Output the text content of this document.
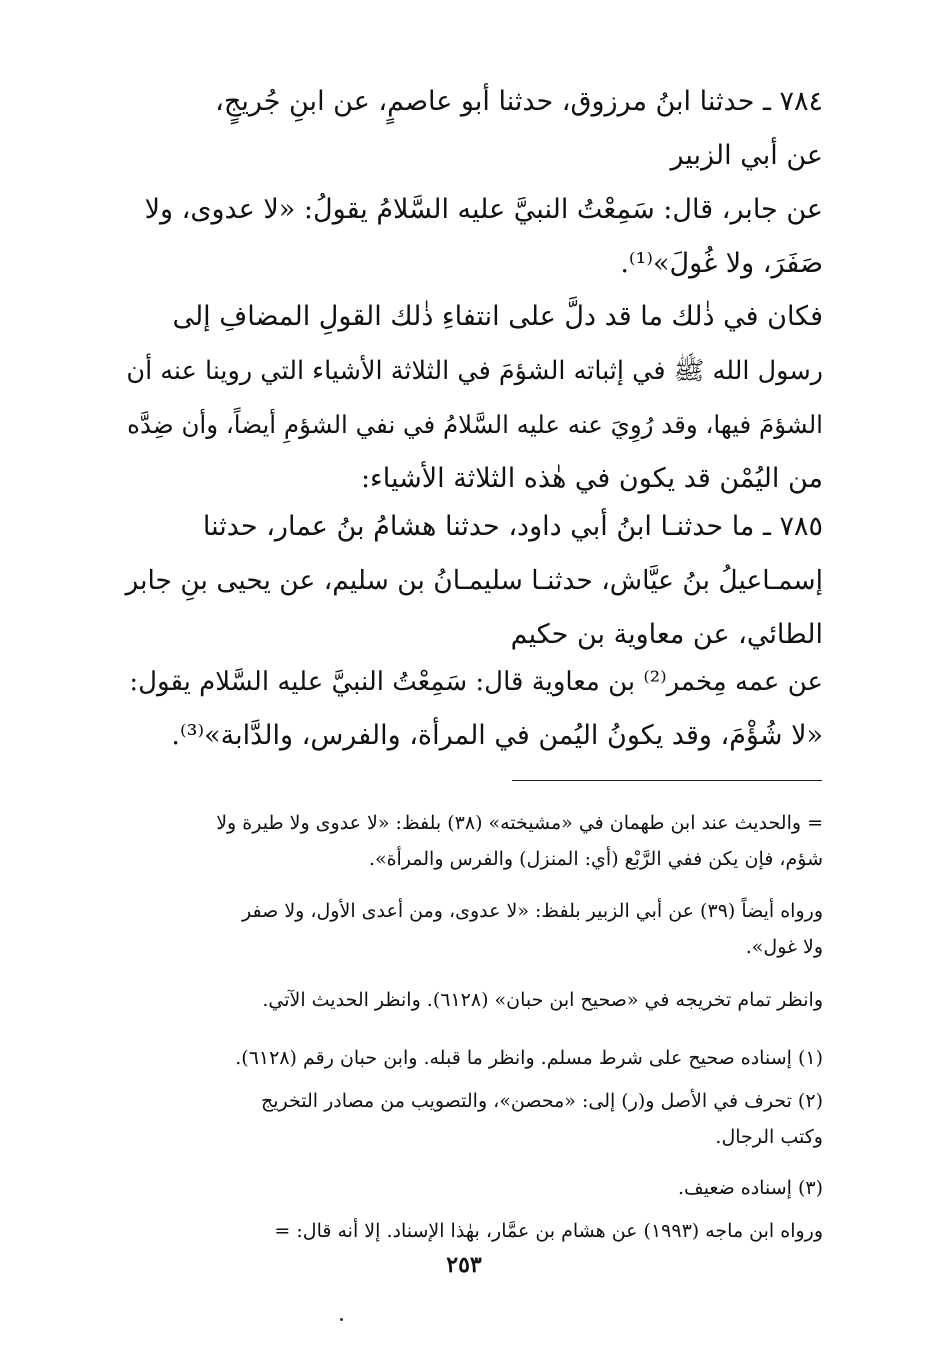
٧٨٤ ـ حدثنا ابنُ مرزوق، حدثنا أبو عاصمٍ، عن ابنِ جُريجٍ،
عن أبي الزبير
عن جابر، قال: سَمِعْتُ النبيَّ عليه السَّلامُ يقولُ: «لا عدوى، ولا
صَفَرَ، ولا غُولَ»⁽¹⁾.
فكان في ذٰلك ما قد دلَّ على انتفاءِ ذٰلك القولِ المضافِ إلى
رسول الله ﷺ في إثباته الشؤمَ في الثلاثة الأشياء التي روينا عنه أن
الشؤمَ فيها، وقد رُوِيَ عنه عليه السَّلامُ في نفي الشؤمِ أيضاً، وأن ضِدَّه
من اليُمْن قد يكون في هٰذه الثلاثة الأشياء:
٧٨٥ ـ ما حدثنـا ابنُ أبي داود، حدثنا هشامُ بنُ عمار، حدثنا
إسمـاعيلُ بنُ عيَّاش، حدثنـا سليمـانُ بن سليم، عن يحيى بنِ جابر
الطائي، عن معاوية بن حكيم
عن عمه مِخمر⁽²⁾ بن معاوية قال: سَمِعْتُ النبيَّ عليه السَّلام يقول:
«لا شُؤْمَ، وقد يكونُ اليُمن في المرأة، والفرس، والدَّابة»⁽³⁾.
= والحديث عند ابن طهمان في «مشيخته» (٣٨) بلفظ: «لا عدوى ولا طيرة ولا
شؤم، فإن يكن ففي الرَّبْع (أي: المنزل) والفرس والمرأة».
ورواه أيضاً (٣٩) عن أبي الزبير بلفظ: «لا عدوى، ومن أعدى الأول، ولا صفر
ولا غول».
وانظر تمام تخريجه في «صحيح ابن حبان» (٦١٢٨). وانظر الحديث الآتي.
(١) إسناده صحيح على شرط مسلم. وانظر ما قبله. وابن حبان رقم (٦١٢٨).
(٢) تحرف في الأصل و(ر) إلى: «محصن»، والتصويب من مصادر التخريج
وكتب الرجال.
(٣) إسناده ضعيف.
ورواه ابن ماجه (١٩٩٣) عن هشام بن عمَّار، بهٰذا الإسناد. إلا أنه قال: =
٢٥٣
